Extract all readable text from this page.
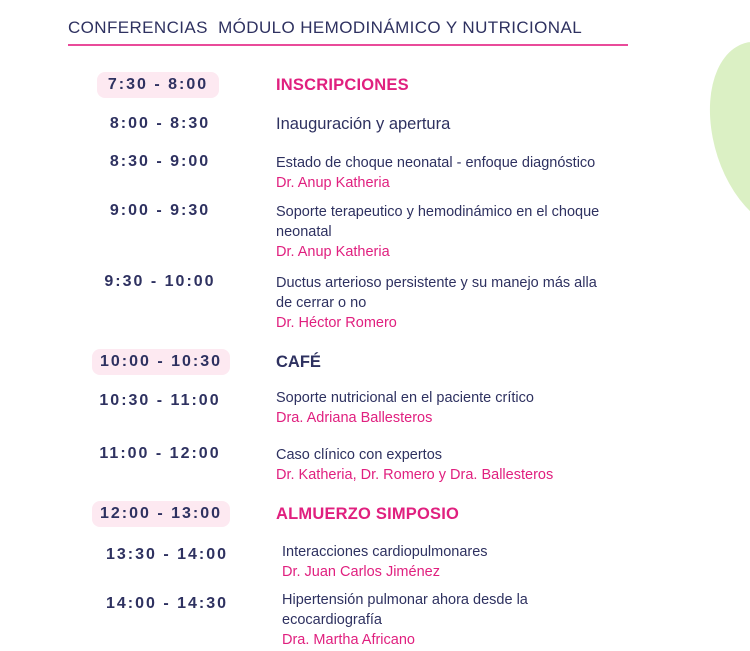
CONFERENCIAS  MÓDULO HEMODINÁMICO Y NUTRICIONAL
7:30 - 8:00	INSCRIPCIONES
8:00 - 8:30	Inauguración y apertura
8:30 - 9:00	Estado de choque neonatal - enfoque diagnóstico
Dr. Anup Katheria
9:00 - 9:30	Soporte terapeutico y hemodinámico en el choque
neonatal
Dr. Anup Katheria
9:30 - 10:00	Ductus arterioso persistente y su manejo más alla
de cerrar o no
Dr. Héctor Romero
10:00 - 10:30	CAFÉ
10:30 - 11:00	Soporte nutricional en el paciente crítico
Dra. Adriana Ballesteros
11:00 - 12:00	Caso clínico con expertos
Dr. Katheria, Dr. Romero y Dra. Ballesteros
12:00 - 13:00	ALMUERZO SIMPOSIO
13:30 - 14:00	Interacciones cardiopulmonares
Dr. Juan Carlos Jiménez
14:00 - 14:30	Hipertensión pulmonar ahora desde la
ecocardiografía
Dra. Martha Africano
